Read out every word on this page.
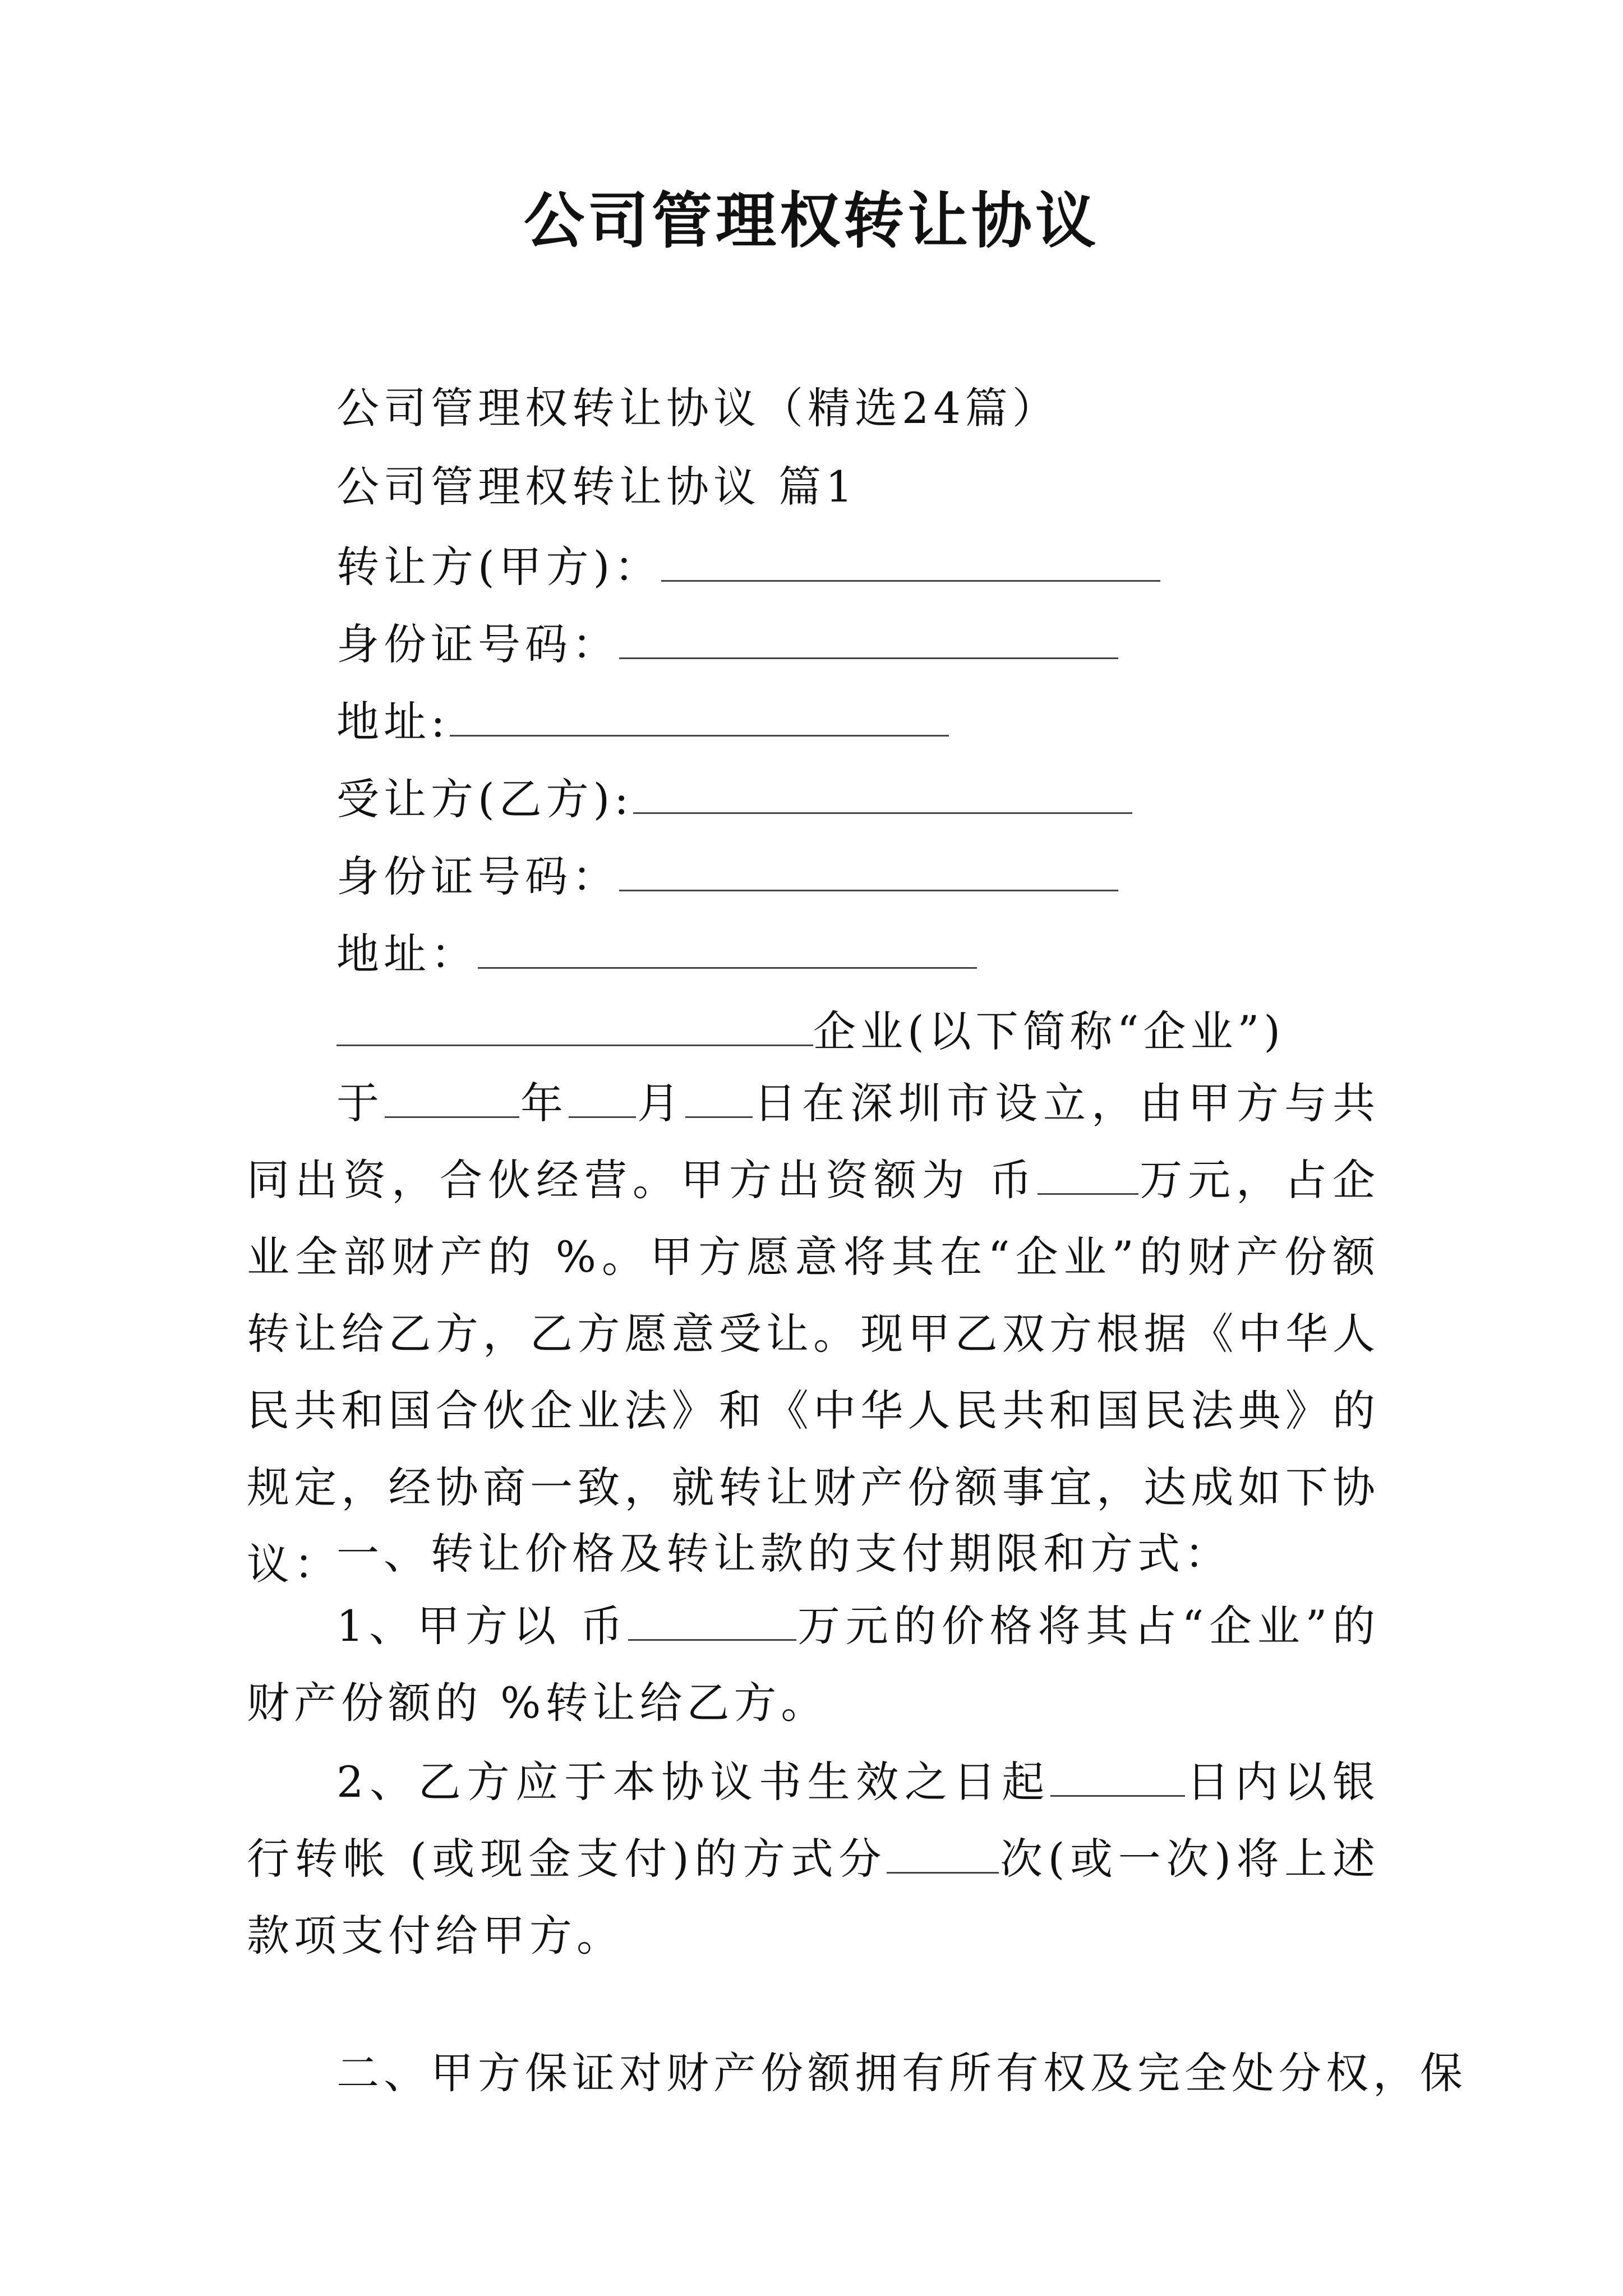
公司管理权转让协议
公司管理权转让协议（精选24篇）
公司管理权转让协议 篇1
转让方(甲方)：
身份证号码：
地址:
受让方(乙方):
身份证号码：
地址：
企业(以下简称“企业”)

于	年 月 日在深圳市设立，由甲方与共同出资，合伙经营。甲方出资额为 币 万元，占企业全部财产的 %。甲方愿意将其在“企业”的财产份额转让给乙方，乙方愿意受让。现甲乙双方根据《中华人民共和国合伙企业法》和《中华人民共和国民法典》的规定，经协商一致，就转让财产份额事宜，达成如下协议：

一、转让价格及转让款的支付期限和方式：

1、甲方以 币	万元的价格将其占“企业”的财产份额的 %转让给乙方。

2、乙方应于本协议书生效之日起	日内以银行转帐 (或现金支付)的方式分	次(或一次)将上述款项支付给甲方。

二、甲方保证对财产份额拥有所有权及完全处分权，保
